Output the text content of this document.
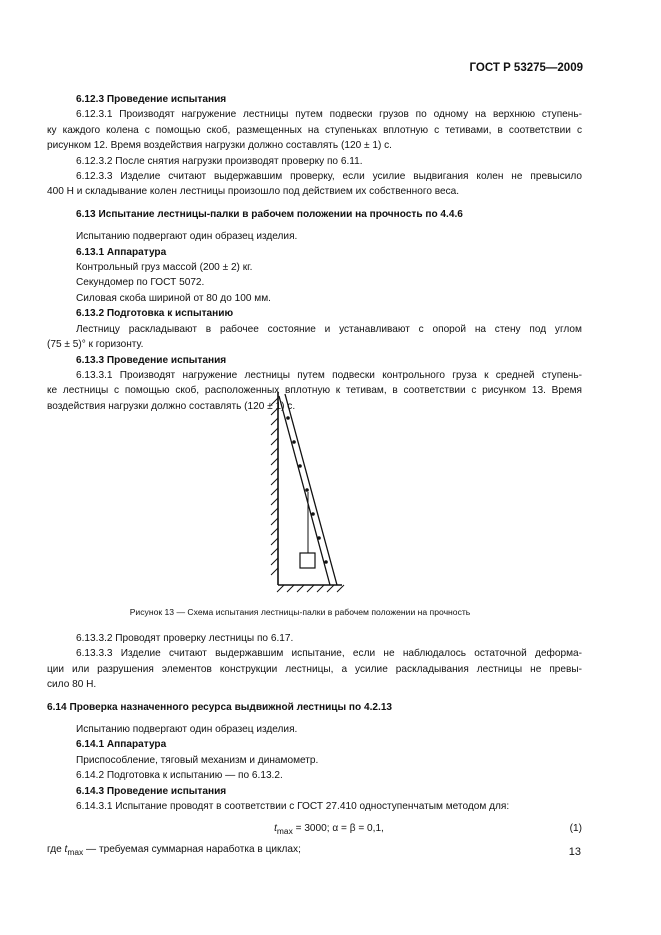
ГОСТ Р 53275—2009

6.12.3 Проведение испытания

6.12.3.1 Производят нагружение лестницы путем подвески грузов по одному на верхнюю ступень-

ку каждого колена с помощью скоб, размещенных на ступеньках вплотную с тетивами, в соответствии с

рисунком 12. Время воздействия нагрузки должно составлять (120 ± 1) с.

6.12.3.2 После снятия нагрузки производят проверку по 6.11.

6.12.3.3 Изделие считают выдержавшим проверку, если усилие выдвигания колен не превысило

400 Н и складывание колен лестницы произошло под действием их собственного веса.

6.13 Испытание лестницы-палки в рабочем положении на прочность по 4.4.6

Испытанию подвергают один образец изделия.

6.13.1 Аппаратура

Контрольный груз массой (200 ± 2) кг.

Секундомер по ГОСТ 5072.

Силовая скоба шириной от 80 до 100 мм.

6.13.2 Подготовка к испытанию

Лестницу раскладывают в рабочее состояние и устанавливают с опорой на стену под углом

(75 ± 5)° к горизонту.

6.13.3 Проведение испытания

6.13.3.1 Производят нагружение лестницы путем подвески контрольного груза к средней ступень-

ке лестницы с помощью скоб, расположенных вплотную к тетивам, в соответствии с рисунком 13. Время

воздействия нагрузки должно составлять (120 ± 1) с.

Рисунок 13 — Схема испытания лестницы-палки в рабочем положении на прочность

6.13.3.2 Проводят проверку лестницы по 6.17.

6.13.3.3 Изделие считают выдержавшим испытание, если не наблюдалось остаточной деформа-

ции или разрушения элементов конструкции лестницы, а усилие раскладывания лестницы не превы-

сило 80 Н.

6.14 Проверка назначенного ресурса выдвижной лестницы по 4.2.13

Испытанию подвергают один образец изделия.

6.14.1 Аппаратура

Приспособление, тяговый механизм и динамометр.

6.14.2 Подготовка к испытанию — по 6.13.2.

6.14.3 Проведение испытания

6.14.3.1 Испытание проводят в соответствии с ГОСТ 27.410 одноступенчатым методом для:

$t_{max} = 3000$; α = β = 0,1,	(1)

где $t_{max}$ — требуемая суммарная наработка в циклах;	13
